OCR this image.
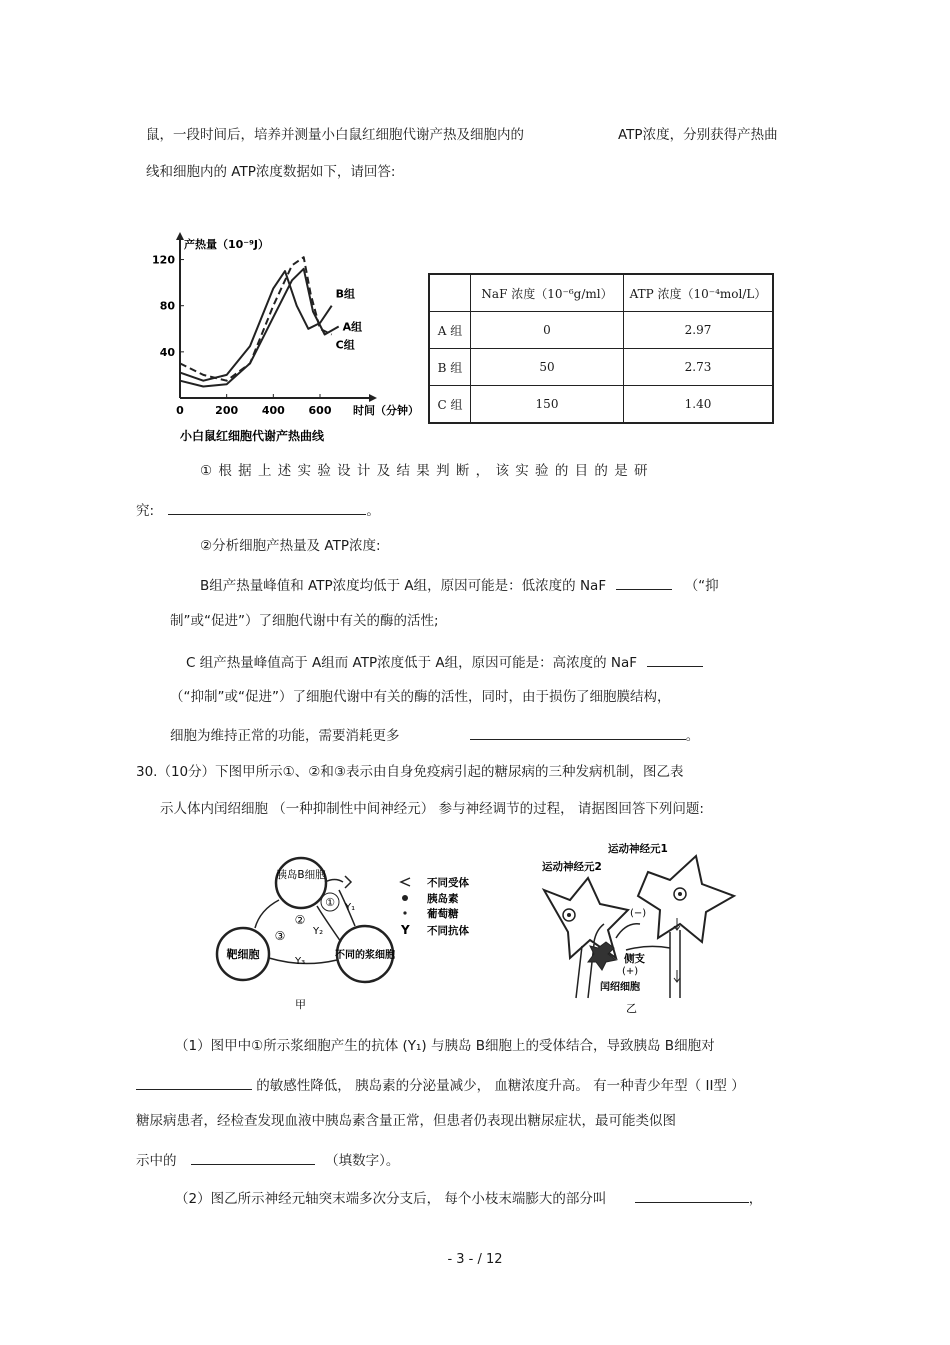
鼠，一段时间后，培养并测量小白鼠红细胞代谢产热及细胞内的	ATP浓度，分别获得产热曲
线和细胞内的 ATP浓度数据如下，请回答:
产热量（10⁻⁹J）
时间（分钟）
0	200 400 600
40
80
120
B组
A组
C组
小白鼠红细胞代谢产热曲线
	NaF 浓度（10⁻⁶g/ml）	ATP 浓度（10⁻⁴mol/L）
A 组	0	2.97
B 组	50	2.73
C 组	150	1.40
① 根 据 上 述 实 验 设 计 及 结 果 判 断 ， 该 实 验 的 目 的 是 研
究:	。
②分析细胞产热量及 ATP浓度:
B组产热量峰值和 ATP浓度均低于 A组，原因可能是：低浓度的 NaF	（“抑
制”或“促进”）了细胞代谢中有关的酶的活性;
C 组产热量峰值高于 A组而 ATP浓度低于 A组，原因可能是：高浓度的 NaF
（“抑制”或“促进”）了细胞代谢中有关的酶的活性，同时，由于损伤了细胞膜结构，
细胞为维持正常的功能，需要消耗更多	。
30.（10分）下图甲所示①、②和③表示由自身免疫病引起的糖尿病的三种发病机制，图乙表
示人体内闰绍细胞 （一种抑制性中间神经元） 参与神经调节的过程， 请据图回答下列问题:
胰岛B细胞
靶细胞	不同的浆细胞
①
②
③
Y₁
Y₂
Y₃
不同受体
胰岛素
葡萄糖
Y 不同抗体
甲
运动神经元1
运动神经元2
(−)
(+)
侧支
闰绍细胞
乙
（1）图甲中①所示浆细胞产生的抗体 (Y₁) 与胰岛 B细胞上的受体结合，导致胰岛 B细胞对
的敏感性降低， 胰岛素的分泌量减少， 血糖浓度升高。 有一种青少年型（ II型 ）
糖尿病患者，经检查发现血液中胰岛素含量正常，但患者仍表现出糖尿症状，最可能类似图
示中的	（填数字）。
（2）图乙所示神经元轴突末端多次分支后， 每个小枝末端膨大的部分叫	，
- 3 - / 12
